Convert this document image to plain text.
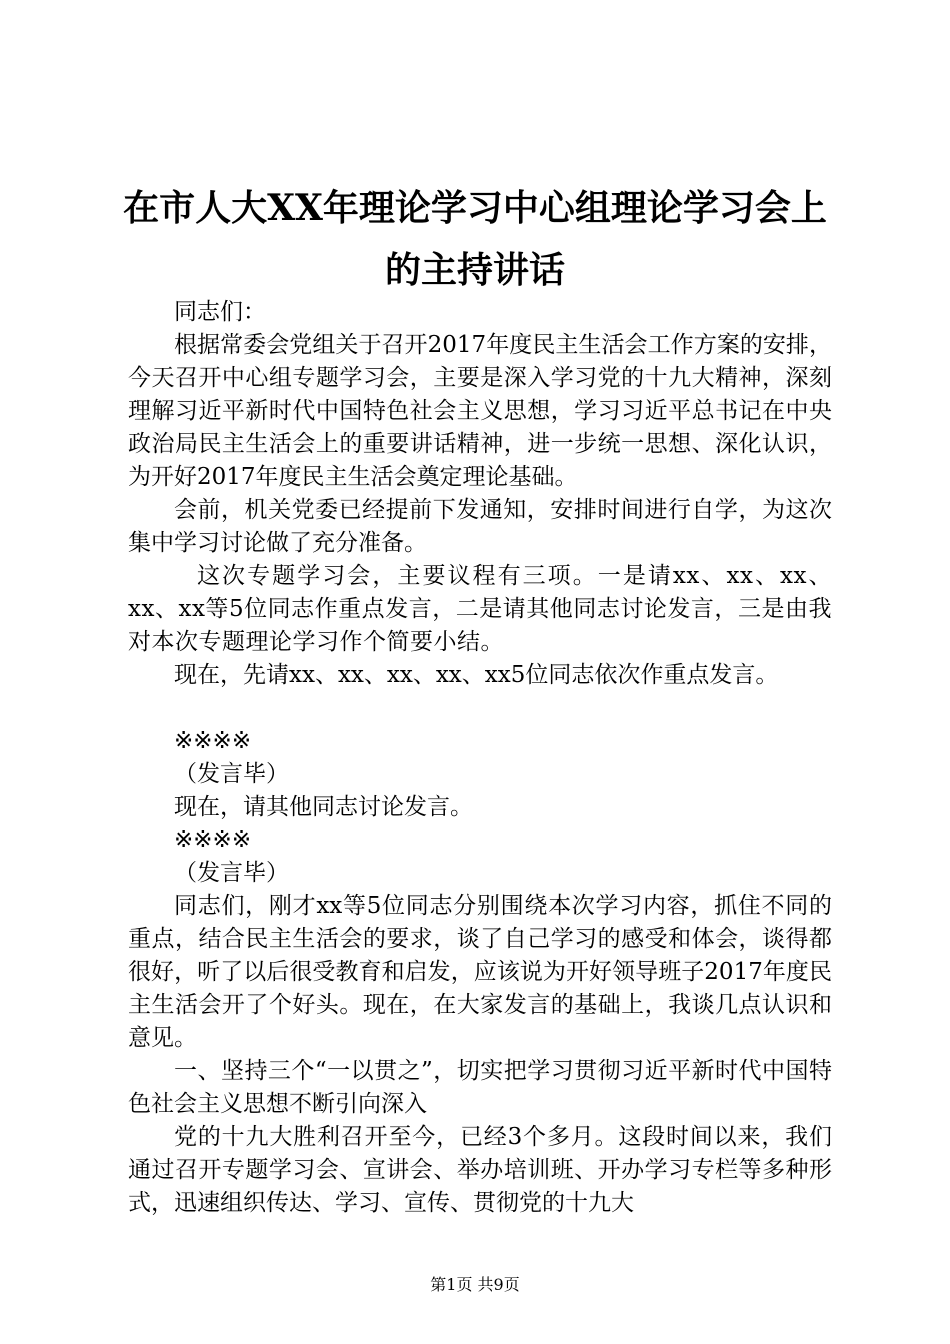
在市人大XX年理论学习中心组理论学习会上
的主持讲话

同志们：

根据常委会党组关于召开2017年度民主生活会工作方案的安排，今天召开中心组专题学习会，主要是深入学习党的十九大精神，深刻理解习近平新时代中国特色社会主义思想，学习习近平总书记在中央政治局民主生活会上的重要讲话精神，进一步统一思想、深化认识，为开好2017年度民主生活会奠定理论基础。

会前，机关党委已经提前下发通知，安排时间进行自学，为这次集中学习讨论做了充分准备。

这次专题学习会，主要议程有三项。一是请xx、xx、xx、xx、xx等5位同志作重点发言，二是请其他同志讨论发言，三是由我对本次专题理论学习作个简要小结。

现在，先请xx、xx、xx、xx、xx5位同志依次作重点发言。

※※※※

（发言毕）

现在，请其他同志讨论发言。

※※※※

（发言毕）

同志们，刚才xx等5位同志分别围绕本次学习内容，抓住不同的重点，结合民主生活会的要求，谈了自己学习的感受和体会，谈得都很好，听了以后很受教育和启发，应该说为开好领导班子2017年度民主生活会开了个好头。现在，在大家发言的基础上，我谈几点认识和意见。

一、坚持三个“一以贯之”，切实把学习贯彻习近平新时代中国特色社会主义思想不断引向深入

党的十九大胜利召开至今，已经3个多月。这段时间以来，我们通过召开专题学习会、宣讲会、举办培训班、开办学习专栏等多种形式，迅速组织传达、学习、宣传、贯彻党的十九大

第1页 共9页
